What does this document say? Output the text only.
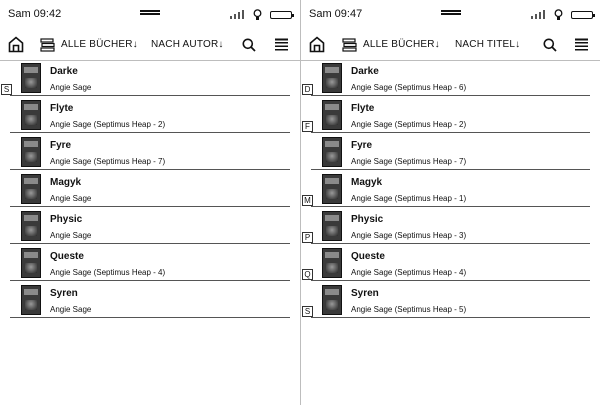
Sam 09:42
ALLE BÜCHER ↓ NACH AUTOR ↓
S
Darke
Angie Sage
Flyte
Angie Sage (Septimus Heap - 2)
Fyre
Angie Sage (Septimus Heap - 7)
Magyk
Angie Sage
Physic
Angie Sage
Queste
Angie Sage (Septimus Heap - 4)
Syren
Angie Sage
Sam 09:47
ALLE BÜCHER ↓ NACH TITEL ↓
D
Darke
Angie Sage (Septimus Heap - 6)
F
Flyte
Angie Sage (Septimus Heap - 2)
Fyre
Angie Sage (Septimus Heap - 7)
M
Magyk
Angie Sage (Septimus Heap - 1)
P
Physic
Angie Sage (Septimus Heap - 3)
Q
Queste
Angie Sage (Septimus Heap - 4)
S
Syren
Angie Sage (Septimus Heap - 5)
